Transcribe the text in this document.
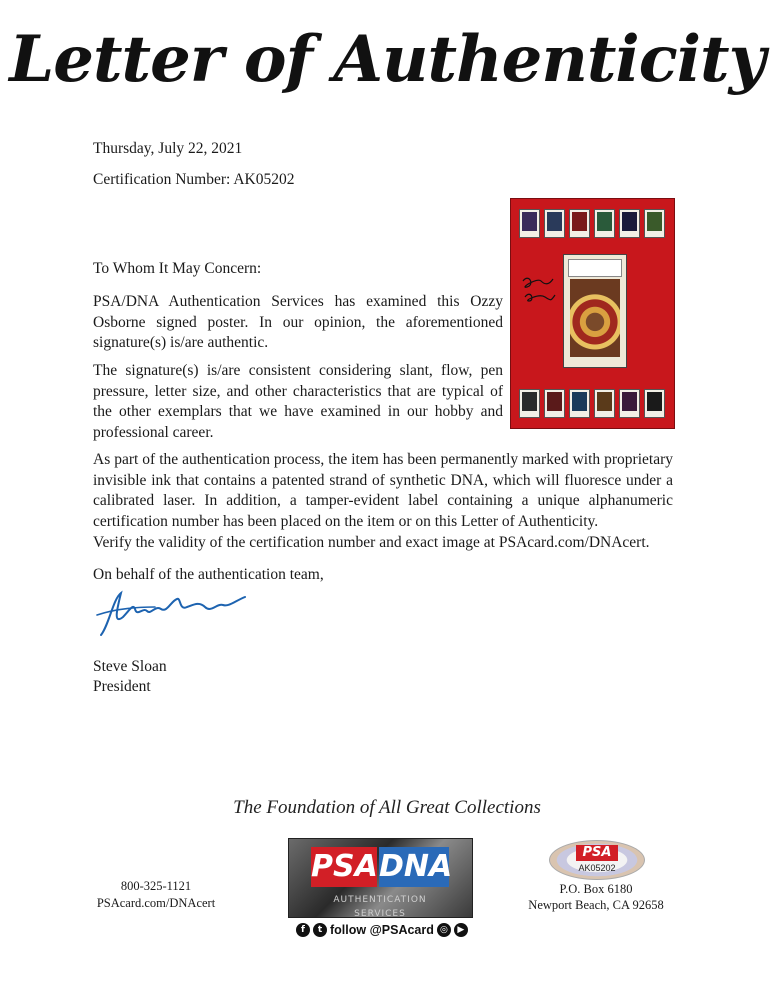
Letter of Authenticity
Thursday, July 22, 2021
Certification Number: AK05202
To Whom It May Concern:
PSA/DNA Authentication Services has examined this Ozzy Osborne signed poster. In our opinion, the aforementioned signature(s) is/are authentic.
The signature(s) is/are consistent considering slant, flow, pen pressure, letter size, and other characteristics that are typical of the other exemplars that we have examined in our hobby and professional career.
As part of the authentication process, the item has been permanently marked with proprietary invisible ink that contains a patented strand of synthetic DNA, which will fluoresce under a calibrated laser. In addition, a tamper-evident label containing a unique alphanumeric certification number has been placed on the item or on this Letter of Authenticity.
Verify the validity of the certification number and exact image at PSAcard.com/DNAcert.
On behalf of the authentication team,
Steve Sloan
President
The Foundation of All Great Collections
800-325-1121
PSAcard.com/DNAcert
PSA DNA
AUTHENTICATION SERVICES
f	t follow @PSAcard ◎	▶
PSA
AK05202
P.O. Box 6180
Newport Beach, CA 92658
